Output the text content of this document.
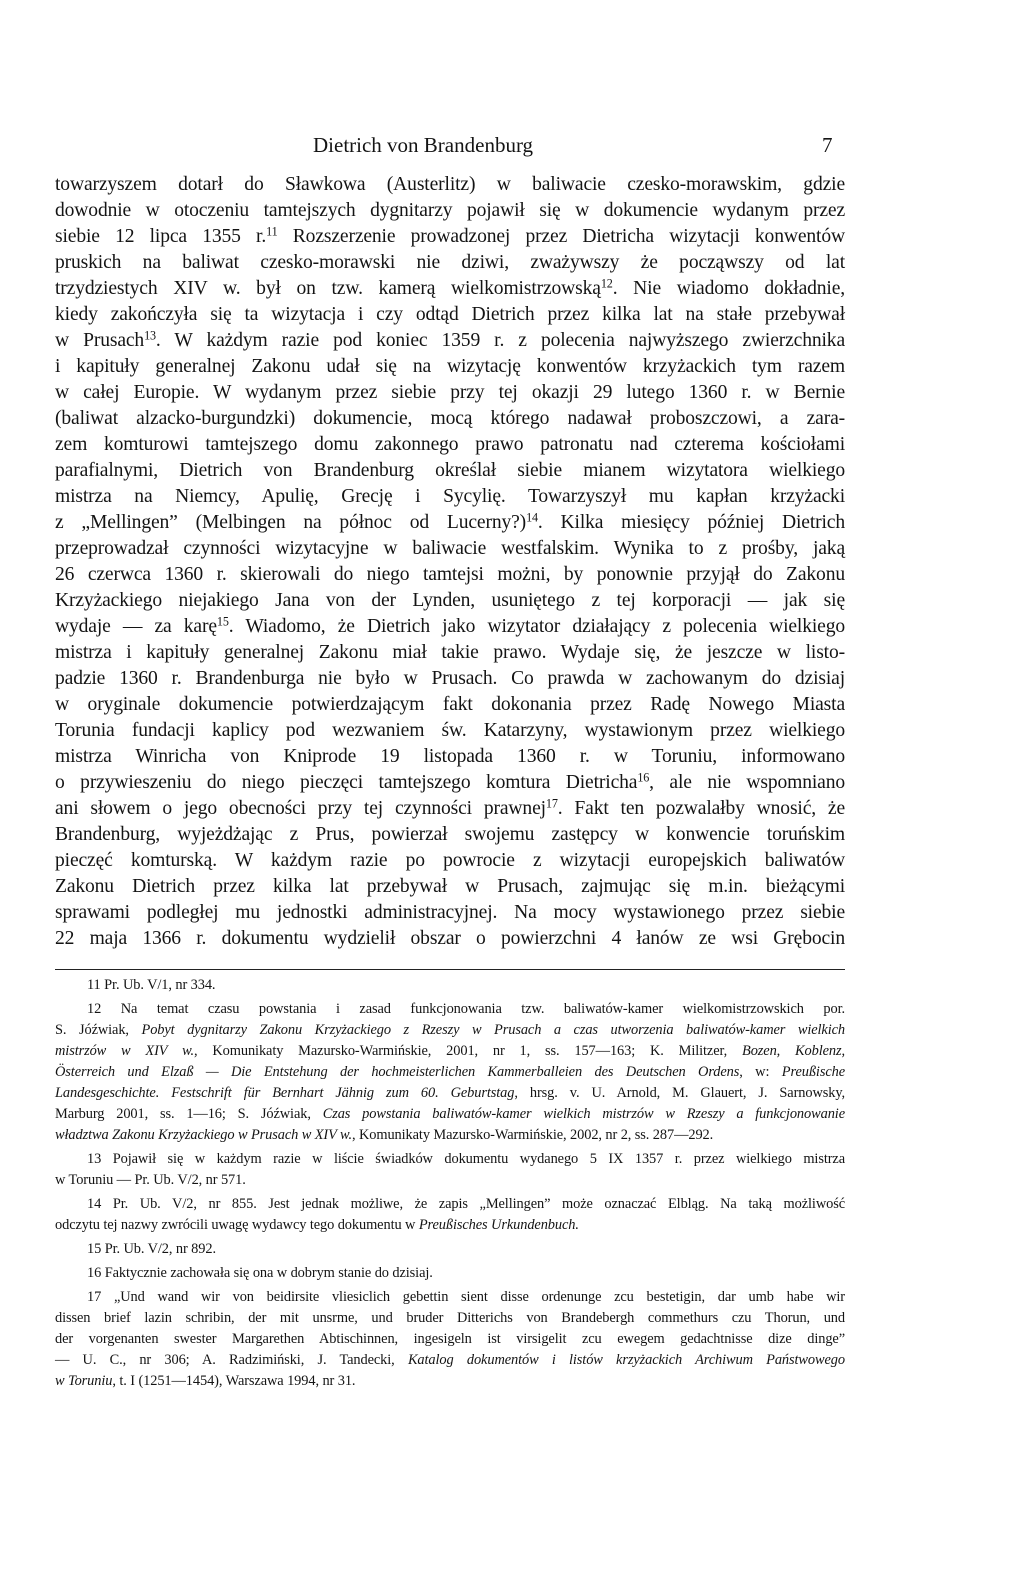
Dietrich von Brandenburg	7
towarzyszem dotarł do Sławkowa (Austerlitz) w baliwacie czesko-morawskim, gdzie
dowodnie w otoczeniu tamtejszych dygnitarzy pojawił się w dokumencie wydanym przez
siebie 12 lipca 1355 r.$^{11}$ Rozszerzenie prowadzonej przez Dietricha wizytacji konwentów
pruskich na baliwat czesko-morawski nie dziwi, zważywszy że począwszy od lat
trzydziestych XIV w. był on tzw. kamerą wielkomistrzowską$^{12}$. Nie wiadomo dokładnie,
kiedy zakończyła się ta wizytacja i czy odtąd Dietrich przez kilka lat na stałe przebywał
w Prusach$^{13}$. W każdym razie pod koniec 1359 r. z polecenia najwyższego zwierzchnika
i kapituły generalnej Zakonu udał się na wizytację konwentów krzyżackich tym razem
w całej Europie. W wydanym przez siebie przy tej okazji 29 lutego 1360 r. w Bernie
(baliwat alzacko-burgundzki) dokumencie, mocą którego nadawał proboszczowi, a zara-
zem komturowi tamtejszego domu zakonnego prawo patronatu nad czterema kościołami
parafialnymi, Dietrich von Brandenburg określał siebie mianem wizytatora wielkiego
mistrza na Niemcy, Apulię, Grecję i Sycylię. Towarzyszył mu kapłan krzyżacki
z „Mellingen” (Melbingen na północ od Lucerny?)$^{14}$. Kilka miesięcy później Dietrich
przeprowadzał czynności wizytacyjne w baliwacie westfalskim. Wynika to z prośby, jaką
26 czerwca 1360 r. skierowali do niego tamtejsi możni, by ponownie przyjął do Zakonu
Krzyżackiego niejakiego Jana von der Lynden, usuniętego z tej korporacji — jak się
wydaje — za karę$^{15}$. Wiadomo, że Dietrich jako wizytator działający z polecenia wielkiego
mistrza i kapituły generalnej Zakonu miał takie prawo. Wydaje się, że jeszcze w listo-
padzie 1360 r. Brandenburga nie było w Prusach. Co prawda w zachowanym do dzisiaj
w oryginale dokumencie potwierdzającym fakt dokonania przez Radę Nowego Miasta
Torunia fundacji kaplicy pod wezwaniem św. Katarzyny, wystawionym przez wielkiego
mistrza Winricha von Kniprode 19 listopada 1360 r. w Toruniu, informowano
o przywieszeniu do niego pieczęci tamtejszego komtura Dietricha$^{16}$, ale nie wspomniano
ani słowem o jego obecności przy tej czynności prawnej$^{17}$. Fakt ten pozwalałby wnosić, że
Brandenburg, wyjeżdżając z Prus, powierzał swojemu zastępcy w konwencie toruńskim
pieczęć komturską. W każdym razie po powrocie z wizytacji europejskich baliwatów
Zakonu Dietrich przez kilka lat przebywał w Prusach, zajmując się m.in. bieżącymi
sprawami podległej mu jednostki administracyjnej. Na mocy wystawionego przez siebie
22 maja 1366 r. dokumentu wydzielił obszar o powierzchni 4 łanów ze wsi Grębocin
11 Pr. Ub. V/1, nr 334.
12 Na temat czasu powstania i zasad funkcjonowania tzw. baliwatów-kamer wielkomistrzowskich por.
S. Jóźwiak, Pobyt dygnitarzy Zakonu Krzyżackiego z Rzeszy w Prusach a czas utworzenia baliwatów-kamer wielkich
mistrzów w XIV w., Komunikaty Mazursko-Warmińskie, 2001, nr 1, ss. 157—163; K. Militzer, Bozen, Koblenz,
Österreich und Elzaß — Die Entstehung der hochmeisterlichen Kammerballeien des Deutschen Ordens, w: Preußische
Landesgeschichte. Festschrift für Bernhart Jähnig zum 60. Geburtstag, hrsg. v. U. Arnold, M. Glauert, J. Sarnowsky,
Marburg 2001, ss. 1—16; S. Jóźwiak, Czas powstania baliwatów-kamer wielkich mistrzów w Rzeszy a funkcjonowanie
władztwa Zakonu Krzyżackiego w Prusach w XIV w., Komunikaty Mazursko-Warmińskie, 2002, nr 2, ss. 287—292.
13 Pojawił się w każdym razie w liście świadków dokumentu wydanego 5 IX 1357 r. przez wielkiego mistrza
w Toruniu — Pr. Ub. V/2, nr 571.
14 Pr. Ub. V/2, nr 855. Jest jednak możliwe, że zapis „Mellingen” może oznaczać Elbląg. Na taką możliwość
odczytu tej nazwy zwrócili uwagę wydawcy tego dokumentu w Preußisches Urkundenbuch.
15 Pr. Ub. V/2, nr 892.
16 Faktycznie zachowała się ona w dobrym stanie do dzisiaj.
17 „Und wand wir von beidirsite vliesiclich gebettin sient disse ordenunge zcu bestetigin, dar umb habe wir
dissen brief lazin schribin, der mit unsrme, und bruder Ditterichs von Brandebergh commethurs czu Thorun, und
der vorgenanten swester Margarethen Abtischinnen, ingesigeln ist virsigelit zcu ewegem gedachtnisse dize dinge”
— U. C., nr 306; A. Radzimiński, J. Tandecki, Katalog dokumentów i listów krzyżackich Archiwum Państwowego
w Toruniu, t. I (1251—1454), Warszawa 1994, nr 31.
